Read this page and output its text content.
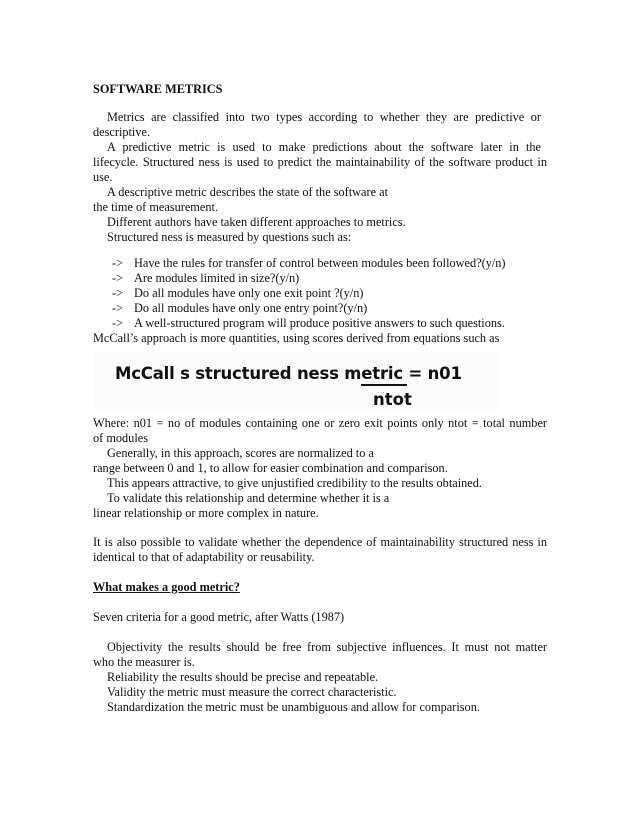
SOFTWARE METRICS
Metrics are classified into two types according to whether they are predictive or
descriptive.
A predictive metric is used to make predictions about the software later in the
lifecycle. Structured ness is used to predict the maintainability of the software product in
use.
A descriptive metric describes the state of the software at
the time of measurement.
Different authors have taken different approaches to metrics.
Structured ness is measured by questions such as:
-> Have the rules for transfer of control between modules been followed?(y/n)
-> Are modules limited in size?(y/n)
-> Do all modules have only one exit point ?(y/n)
-> Do all modules have only one entry point?(y/n)
-> A well-structured program will produce positive answers to such questions.
McCall’s approach is more quantities, using scores derived from equations such as
McCall s structured ness metric = n01
ntot
Where: n01 = no of modules containing one or zero exit points only ntot = total number
of modules
Generally, in this approach, scores are normalized to a
range between 0 and 1, to allow for easier combination and comparison.
This appears attractive, to give unjustified credibility to the results obtained.
To validate this relationship and determine whether it is a
linear relationship or more complex in nature.
It is also possible to validate whether the dependence of maintainability structured ness in
identical to that of adaptability or reusability.
What makes a good metric?
Seven criteria for a good metric, after Watts (1987)
Objectivity the results should be free from subjective influences. It must not matter
who the measurer is.
Reliability the results should be precise and repeatable.
Validity the metric must measure the correct characteristic.
Standardization the metric must be unambiguous and allow for comparison.
